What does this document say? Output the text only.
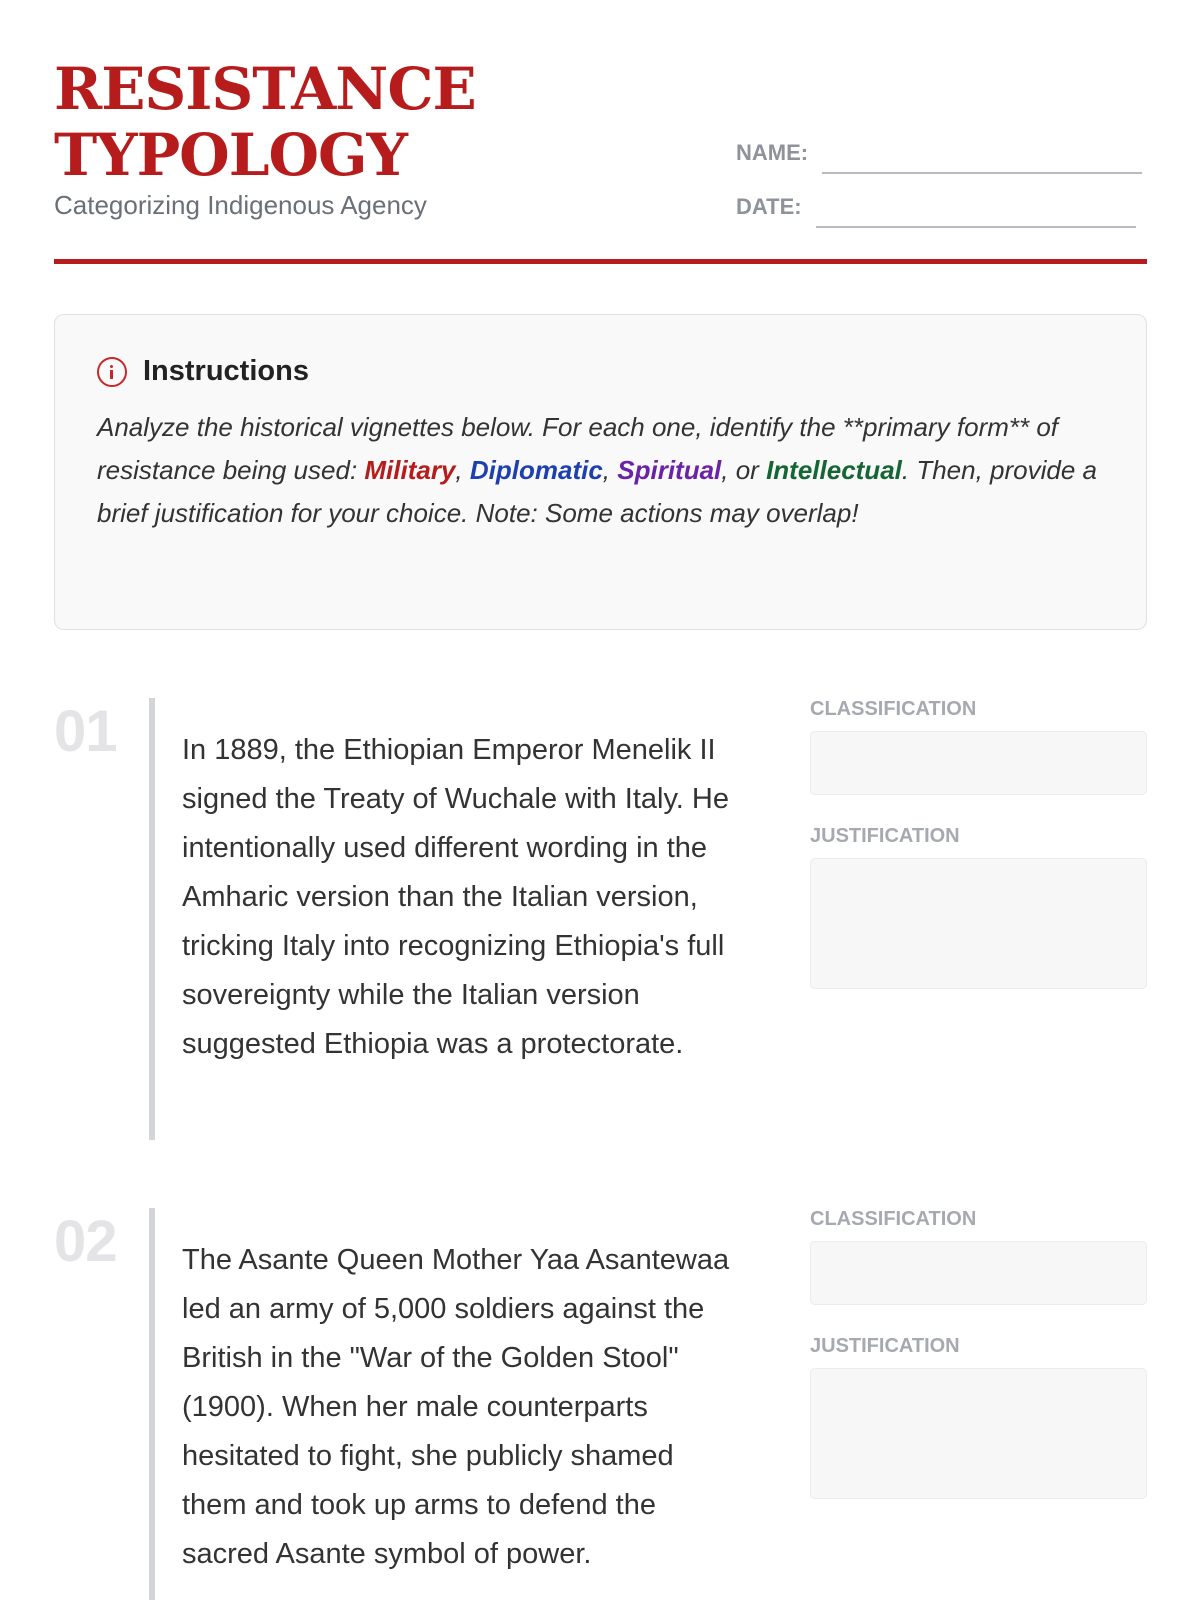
RESISTANCE
TYPOLOGY
Categorizing Indigenous Agency
NAME:
DATE:
Instructions

Analyze the historical vignettes below. For each one, identify the **primary form** of resistance being used: Military, Diplomatic, Spiritual, or Intellectual. Then, provide a brief justification for your choice. Note: Some actions may overlap!

01 In 1889, the Ethiopian Emperor Menelik II signed the Treaty of Wuchale with Italy. He intentionally used different wording in the Amharic version than the Italian version, tricking Italy into recognizing Ethiopia's full sovereignty while the Italian version suggested Ethiopia was a protectorate.

CLASSIFICATION
JUSTIFICATION
02 The Asante Queen Mother Yaa Asantewaa led an army of 5,000 soldiers against the British in the "War of the Golden Stool" (1900). When her male counterparts hesitated to fight, she publicly shamed them and took up arms to defend the sacred Asante symbol of power.

CLASSIFICATION
JUSTIFICATION
